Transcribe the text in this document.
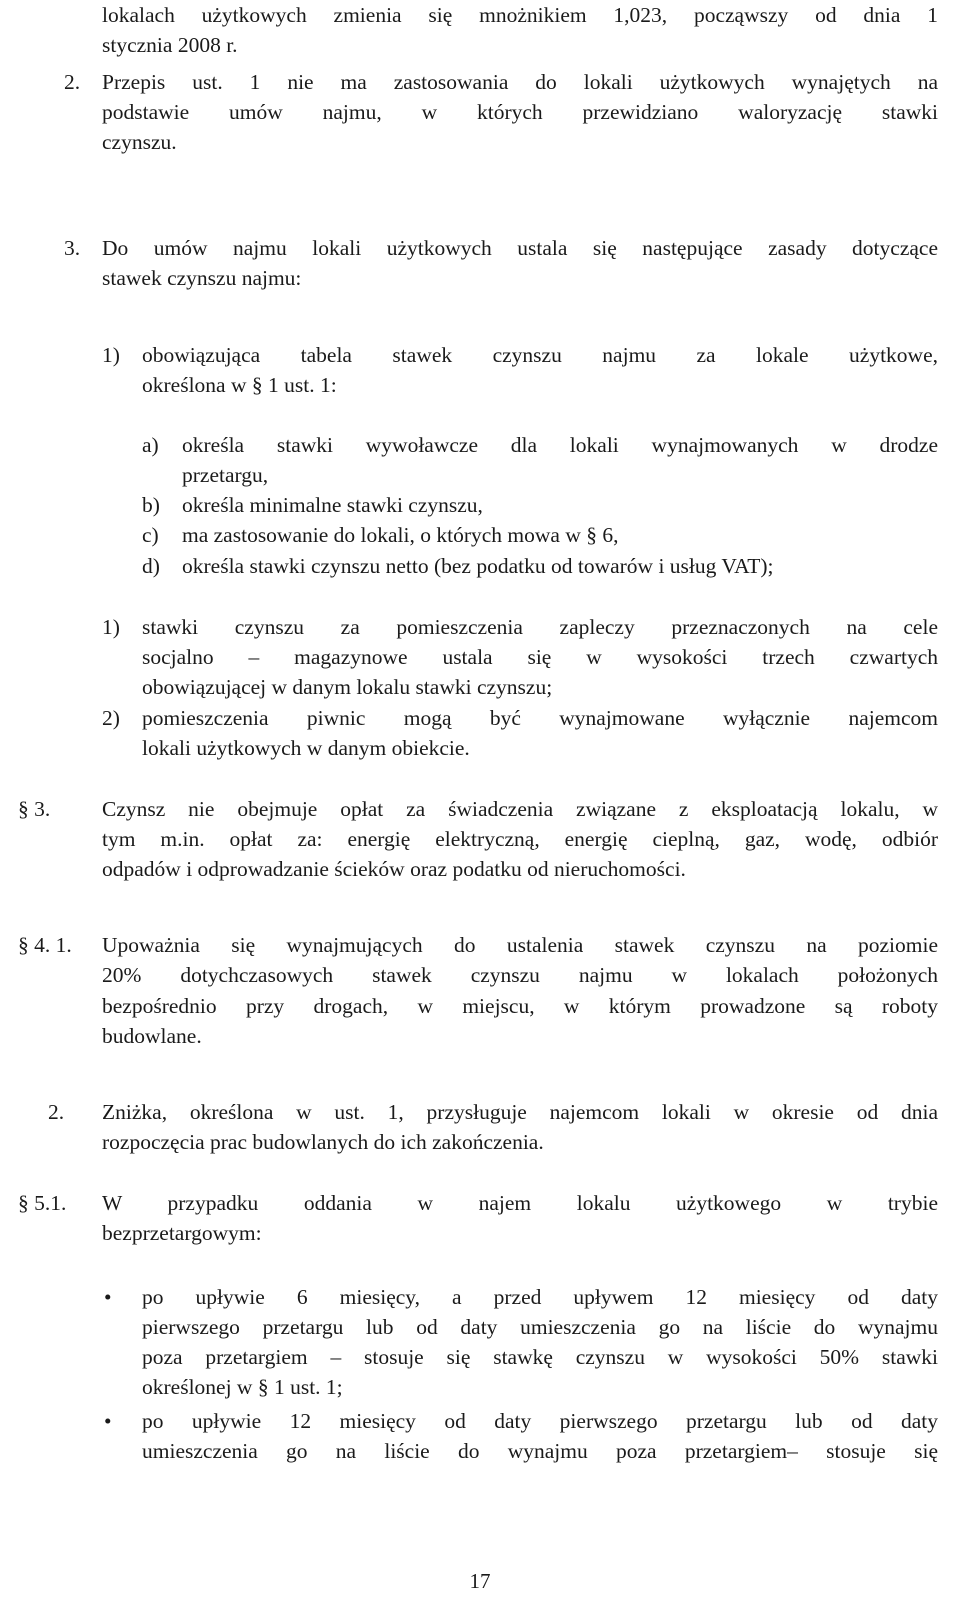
lokalach użytkowych zmienia się mnożnikiem 1,023, począwszy od dnia 1

stycznia 2008 r.

2. Przepis ust. 1 nie ma zastosowania do lokali użytkowych wynajętych na

podstawie umów najmu, w których przewidziano waloryzację stawki

czynszu.

3. Do umów najmu lokali użytkowych ustala się następujące zasady dotyczące

stawek czynszu najmu:

1) obowiązująca tabela stawek czynszu najmu za lokale użytkowe,

określona w § 1 ust. 1:

a) określa stawki wywoławcze dla lokali wynajmowanych w drodze

przetargu,

b) określa minimalne stawki czynszu,

c) ma zastosowanie do lokali, o których mowa w § 6,

d) określa stawki czynszu netto (bez podatku od towarów i usług VAT);

1) stawki czynszu za pomieszczenia zapleczy przeznaczonych na cele

socjalno – magazynowe ustala się w wysokości trzech czwartych

obowiązującej w danym lokalu stawki czynszu;

2) pomieszczenia piwnic mogą być wynajmowane wyłącznie najemcom

lokali użytkowych w danym obiekcie.

§ 3. Czynsz nie obejmuje opłat za świadczenia związane z eksploatacją lokalu, w

tym m.in. opłat za: energię elektryczną, energię cieplną, gaz, wodę, odbiór

odpadów i odprowadzanie ścieków oraz podatku od nieruchomości.

§ 4. 1. Upoważnia się wynajmujących do ustalenia stawek czynszu na poziomie

20% dotychczasowych stawek czynszu najmu w lokalach położonych

bezpośrednio przy drogach, w miejscu, w którym prowadzone są roboty

budowlane.

2. Zniżka, określona w ust. 1, przysługuje najemcom lokali w okresie od dnia

rozpoczęcia prac budowlanych do ich zakończenia.

§ 5.1. W przypadku oddania w najem lokalu użytkowego w trybie

bezprzetargowym:

• po upływie 6 miesięcy, a przed upływem 12 miesięcy od daty

pierwszego przetargu lub od daty umieszczenia go na liście do wynajmu

poza przetargiem – stosuje się stawkę czynszu w wysokości 50% stawki

określonej w § 1 ust. 1;

• po upływie 12 miesięcy od daty pierwszego przetargu lub od daty

umieszczenia go na liście do wynajmu poza przetargiem– stosuje się

17
